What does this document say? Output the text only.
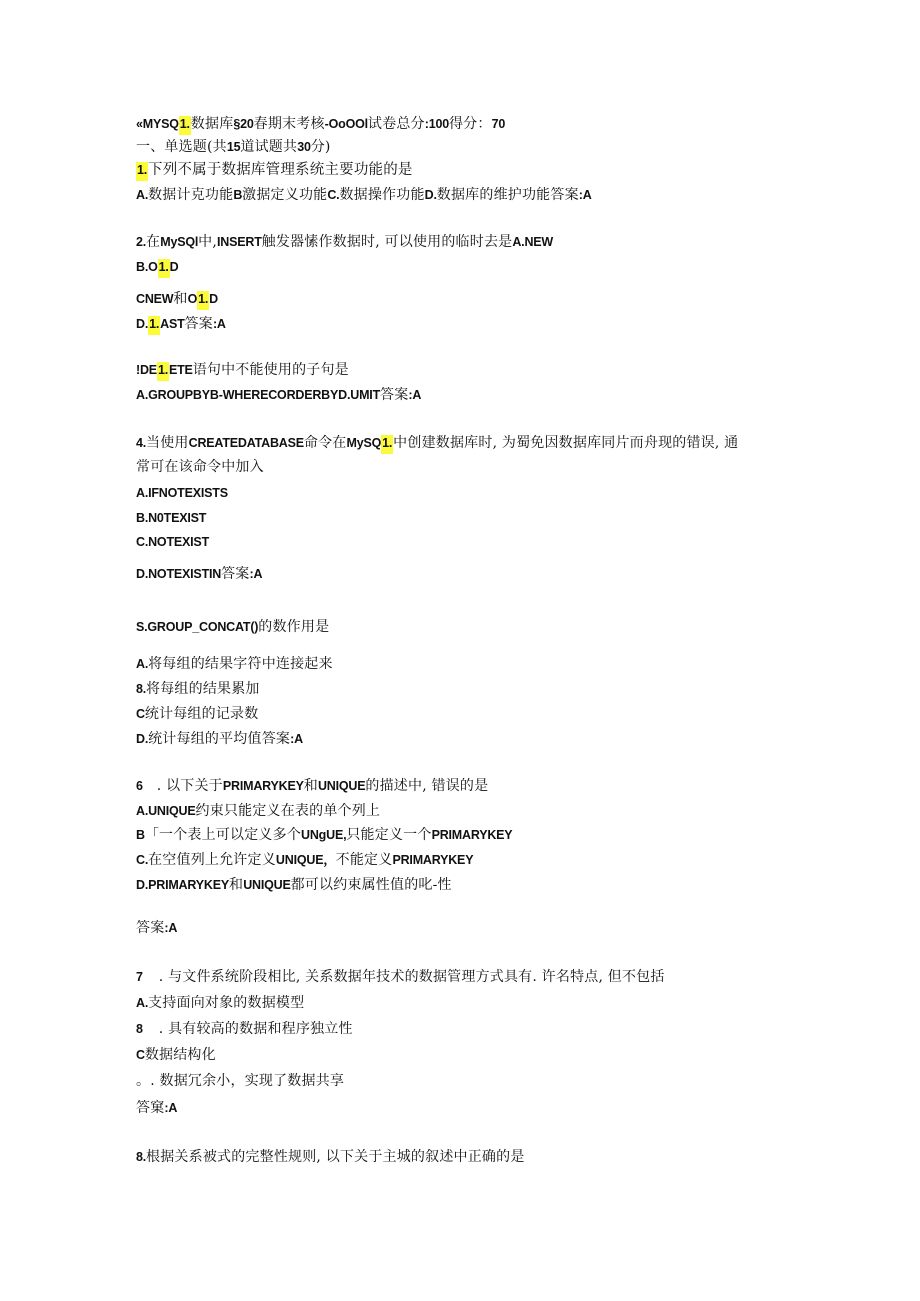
«MYSQ1.数据库§20春期末考核-OoOOl试卷总分:100得分：70
一、单选题(共15道试题共30分)
1.下列不属于数据库管理系统主要功能的是
A.数据计克功能B激据定义功能C.数据操作功能D.数据库的维护功能答案:A
2.在MySQl中,INSERT触发器愫作数据时, 可以使用的临时去是A.NEW
B.O1.D
CNEW和O1.D
D.1.AST答案:A
!DE1.ETE语句中不能使用的子句是
A.GROUPBYB-WHERECORDERBYD.UMIT答案:A
4.当使用CREATEDATABASE命令在MySQ1.中创建数据库时, 为蜀免因数据库同片而舟现的错误, 通
常可在该命令中加入
A.IFNOTEXISTS
B.N0TEXIST
C.NOTEXIST
D.NOTEXISTIN答案:A
S.GROUP_CONCAT()的数作用是
A.将每组的结果字符中连接起来
8.将每组的结果累加
C统计每组的记录数
D.统计每组的平均值答案:A
6 . 以下关于PRIMARYKEY和UNIQUE的描述中, 错误的是
A.UNIQUE约束只能定义在表的单个列上
B「一个表上可以定义多个UNgUE,只能定义一个PRIMARYKEY
C.在空值列上允许定义UNIQUE，不能定义PRIMARYKEY
D.PRIMARYKEY和UNIQUE都可以约束属性值的叱-性
答案:A
7 . 与文件系统阶段相比, 关系数据年技术的数据管理方式具有. 许名特点, 但不包括
A.支持面向对象的数据模型
8 . 具有较高的数据和程序独立性
C数据结构化
。. 数据冗余小，实现了数据共享
答窠:A
8.根据关系被式的完整性规则, 以下关于主城的叙述中正确的是
